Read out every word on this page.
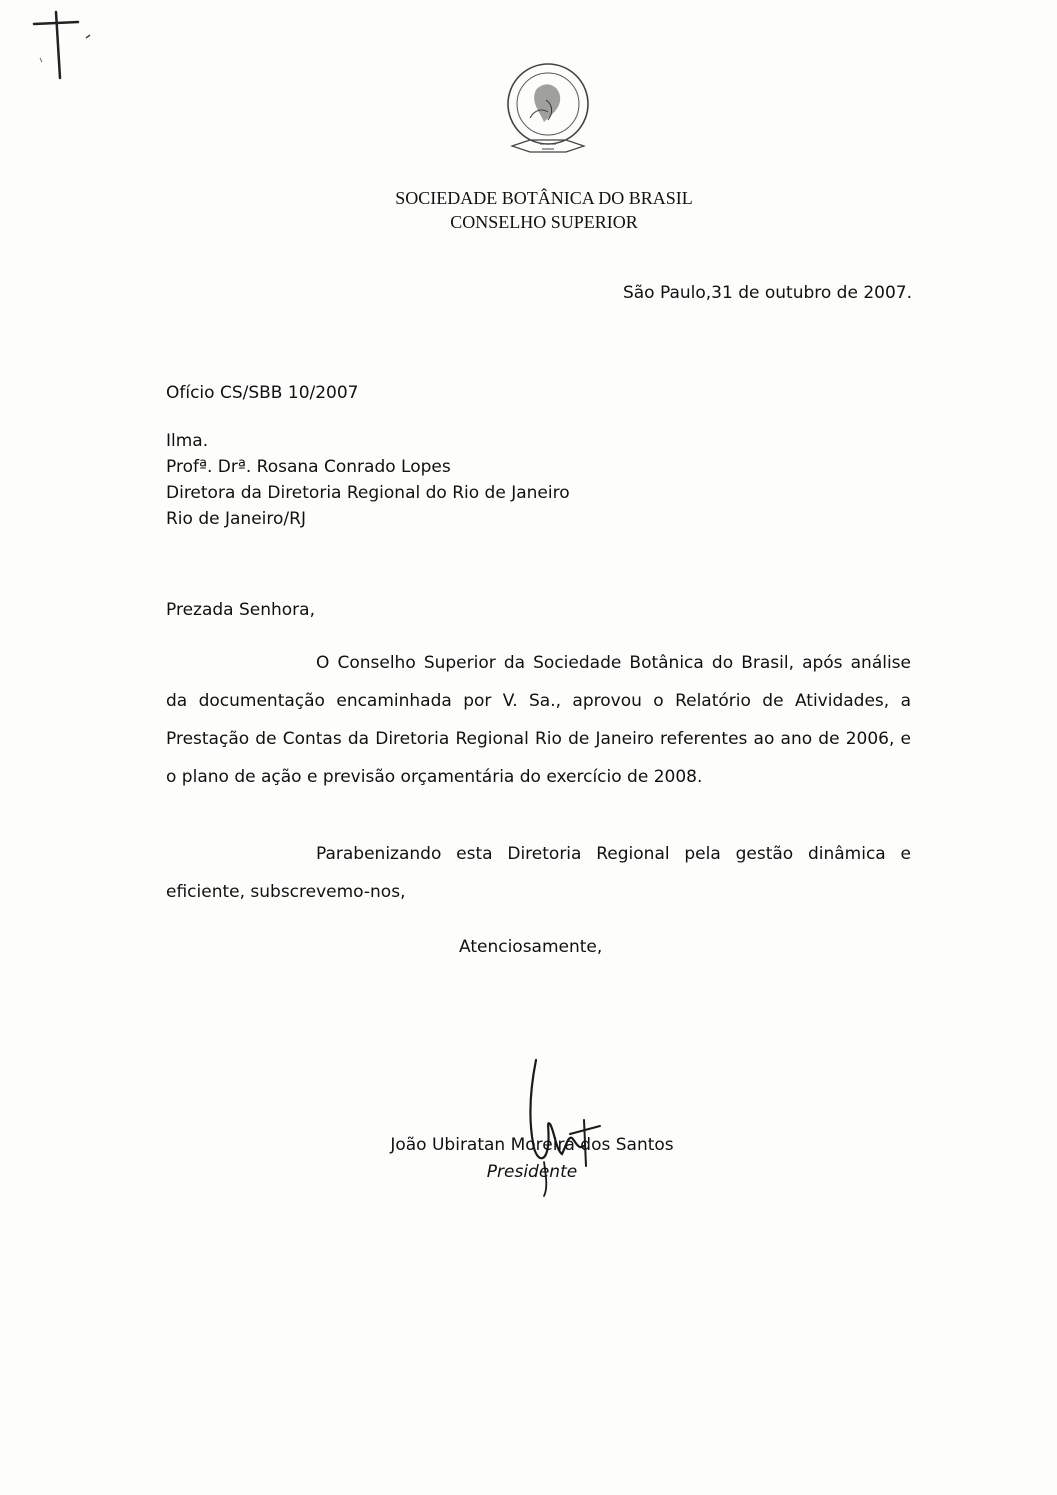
SOCIEDADE BOTÂNICA DO BRASIL
CONSELHO SUPERIOR
São Paulo,31 de outubro de 2007.
Ofício CS/SBB 10/2007
Ilma.
Profª. Drª. Rosana Conrado Lopes
Diretora da Diretoria Regional do Rio de Janeiro
Rio de Janeiro/RJ
Prezada Senhora,
O Conselho Superior da Sociedade Botânica do Brasil, após análise da documentação encaminhada por V. Sa., aprovou o Relatório de Atividades, a Prestação de Contas da Diretoria Regional Rio de Janeiro referentes ao ano de 2006, e o plano de ação e previsão orçamentária do exercício de 2008.
Parabenizando esta Diretoria Regional pela gestão dinâmica e eficiente, subscrevemo-nos,
Atenciosamente,
João Ubiratan Moreira dos Santos
Presidente
